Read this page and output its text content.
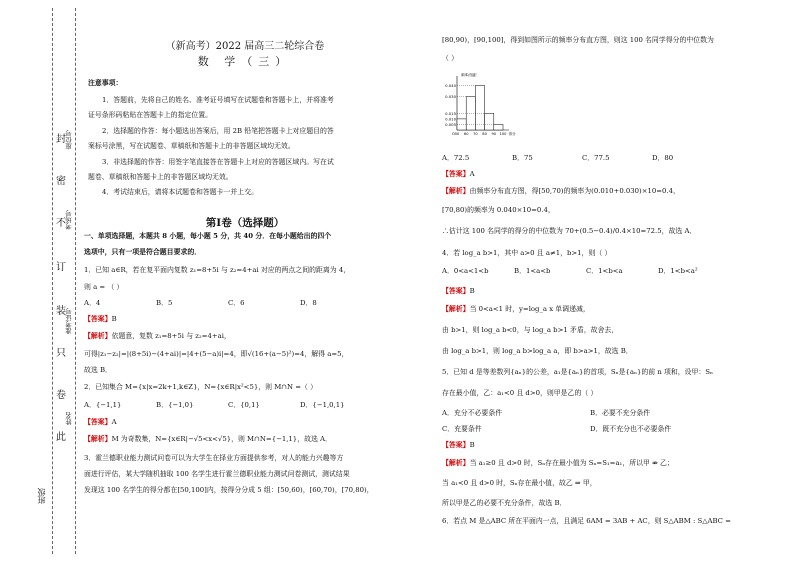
封
密
不
订
装
只
卷
此
座位号
考场号
准考证号
姓名
班级
（新高考）2022 届高三二轮综合卷
数 学（三）
注意事项：
1．答题前，先将自己的姓名、准考证号填写在试题卷和答题卡上，并将准考
证号条形码粘贴在答题卡上的指定位置。
2．选择题的作答：每小题选出答案后，用 2B 铅笔把答题卡上对应题目的答
案标号涂黑，写在试题卷、草稿纸和答题卡上的非答题区域均无效。
3．非选择题的作答：用签字笔直接答在答题卡上对应的答题区域内。写在试
题卷、草稿纸和答题卡上的非答题区域均无效。
4．考试结束后，请将本试题卷和答题卡一并上交。
一、单项选择题，本题共 8 小题，每小题 5 分，共 40 分．在每小题给出的四个
选项中，只有一项是符合题目要求的．
1．已知 a∈R，若在复平面内复数 z₁=8+5i 与 z₂=4+ai 对应的两点之间的距离为 4，
则 a = （ ）
A．4	B．5	C．6	D．8
【答案】B
【解析】依题意，复数 z₁=8+5i 与 z₂=4+ai，
可得|z₁−z₂|=|(8+5i)−(4+ai)|=|4+(5−a)i|=4，即√(16+(a−5)²)=4，解得 a=5，
故选 B．
2．已知集合 M={x|x=2k+1,k∈Z}，N={x∈R|x²<5}，则 M∩N =（ ）
A．{−1,1}	B．{−1,0}	C．{0,1}	D．{−1,0,1}
【答案】A
【解析】M 为奇数集，N={x∈R|−√5<x<√5}，则 M∩N={−1,1}，故选 A．
3．霍兰德职业能力测试问卷可以为大学生在择业方面提供参考，对人的能力兴趣等方
面进行评估，某大学随机抽取 100 名学生进行霍兰德职业能力测试问卷测试，测试结果
发现这 100 名学生的得分都在[50,100]内，按得分分成 5 组：[50,60)，[60,70)，[70,80)，
第Ⅰ卷（选择题）
[80,90)，[90,100]，得到如图所示的频率分布直方图，则这 100 名同学得分的中位数为
（ ）
A．72.5	B．75	C．77.5	D．80
【答案】A
【解析】由频率分布直方图，得[50,70)的频率为(0.010+0.030)×10=0.4，
[70,80)的频率为 0.040×10=0.4，
∴估计这 100 名同学的得分的中位数为 70+(0.5−0.4)/0.4×10=72.5，故选 A．
4．若 log_a b>1，其中 a>0 且 a≠1，b>1，则（ ）
A．0<a<1<b	B．1<a<b	C．1<b<a	D．1<b<a²
【答案】B
【解析】当 0<a<1 时，y=log_a x 单调递减，
由 b>1，则 log_a b<0，与 log_a b>1 矛盾，故舍去，
由 log_a b>1，则 log_a b>log_a a，即 b>a>1，故选 B．
5．已知 d 是等差数列{aₙ}的公差，a₁是{aₙ}的首项，Sₙ是{aₙ}的前 n 项和，设甲：Sₙ
存在最小值，乙：a₁<0 且 d>0，则甲是乙的（ ）
A．充分不必要条件	B．必要不充分条件
C．充要条件	D．既不充分也不必要条件
【答案】B
【解析】当 a₁≥0 且 d>0 时，Sₙ存在最小值为 Sₙ=S₁=a₁，所以甲 ⇏ 乙；
当 a₁<0 且 d>0 时，Sₙ存在最小值，故乙 ⇒ 甲，
所以甲是乙的必要不充分条件，故选 B．
6．若点 M 是△ABC 所在平面内一点，且满足 6AM = 3AB + AC，则 S△ABM : S△ABC =
0.040
0.030
0.015
0.010
0.005
50 60 70 80 90 100 得分
O
频率/组距
